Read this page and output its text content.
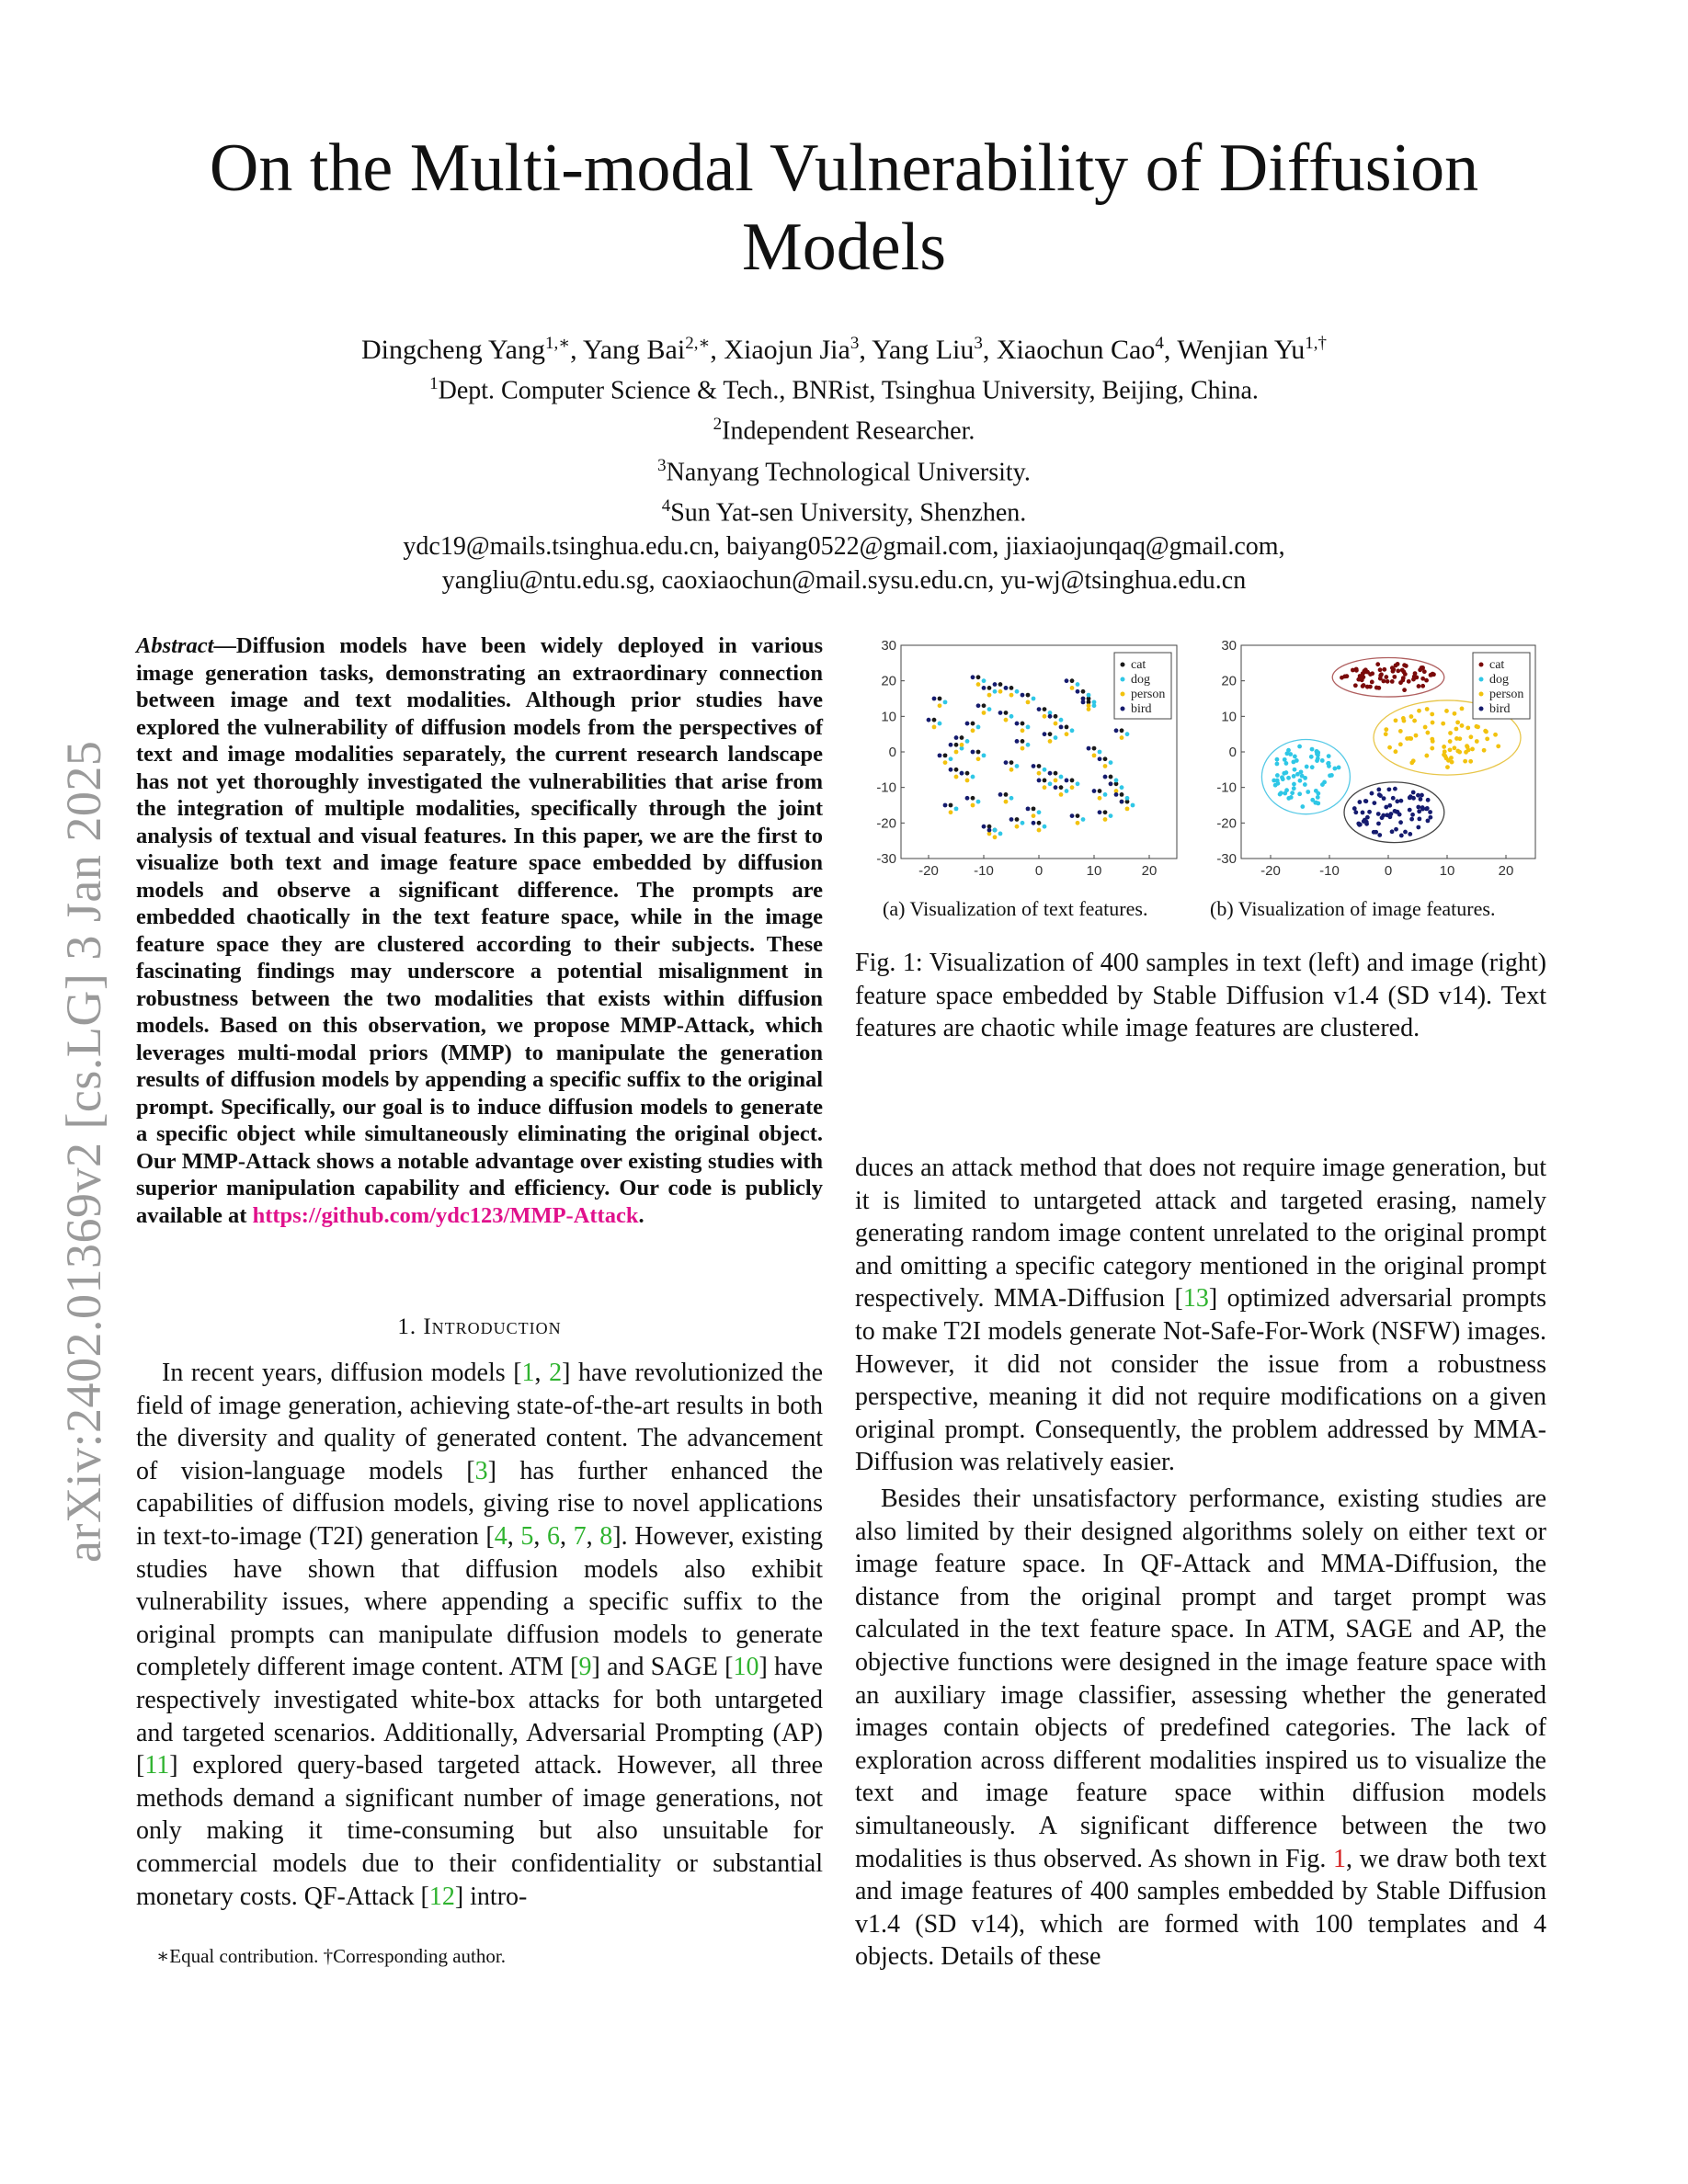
arXiv:2402.01369v2 [cs.LG] 3 Jan 2025
On the Multi-modal Vulnerability of Diffusion Models
Dingcheng Yang$^{1,∗}$, Yang Bai$^{2,∗}$, Xiaojun Jia$^3$, Yang Liu$^3$, Xiaochun Cao$^4$, Wenjian $Yu^{1,\dagger}$
$^1$Dept. Computer Science & Tech., BNRist, Tsinghua University, Beijing, China.
$^2$Independent Researcher.
$^3$Nanyang Technological University.
$^4$Sun Yat-sen University, Shenzhen.
ydc19@mails.tsinghua.edu.cn, baiyang0522@gmail.com, jiaxiaojunqaq@gmail.com,
yangliu@ntu.edu.sg, caoxiaochun@mail.sysu.edu.cn, yu-wj@tsinghua.edu.cn
Abstract—Diffusion models have been widely deployed in various image generation tasks, demonstrating an extraordinary connection between image and text modalities. Although prior studies have explored the vulnerability of diffusion models from the perspectives of text and image modalities separately, the current research landscape has not yet thoroughly investigated the vulnerabilities that arise from the integration of multiple modalities, specifically through the joint analysis of textual and visual features. In this paper, we are the first to visualize both text and image feature space embedded by diffusion models and observe a significant difference. The prompts are embedded chaotically in the text feature space, while in the image feature space they are clustered according to their subjects. These fascinating findings may underscore a potential misalignment in robustness between the two modalities that exists within diffusion models. Based on this observation, we propose MMP-Attack, which leverages multi-modal priors (MMP) to manipulate the generation results of diffusion models by appending a specific suffix to the original prompt. Specifically, our goal is to induce diffusion models to generate a specific object while simultaneously eliminating the original object. Our MMP-Attack shows a notable advantage over existing studies with superior manipulation capability and efficiency. Our code is publicly available at https://github.com/ydc123/MMP-Attack.
1. Introduction
In recent years, diffusion models [1, 2] have revolutionized the field of image generation, achieving state-of-the-art results in both the diversity and quality of generated content. The advancement of vision-language models [3] has further enhanced the capabilities of diffusion models, giving rise to novel applications in text-to-image (T2I) generation [4, 5, 6, 7, 8]. However, existing studies have shown that diffusion models also exhibit vulnerability issues, where appending a specific suffix to the original prompts can manipulate diffusion models to generate completely different image content. ATM [9] and SAGE [10] have respectively investigated white-box attacks for both untargeted and targeted scenarios. Additionally, Adversarial Prompting (AP) [11] explored query-based targeted attack. However, all three methods demand a significant number of image generations, not only making it time-consuming but also unsuitable for commercial models due to their confidentiality or substantial monetary costs. QF-Attack [12] intro-
∗Equal contribution. †Corresponding author.
-20	-10	0	10	20
-30
-20
-10
0
10
20
30
cat
dog
person
bird
-20	-10	0	10	20
-30
-20
-10
0
10
20
30
cat
dog
person
bird
(a) Visualization of text features.	(b) Visualization of image features.
Fig. 1: Visualization of 400 samples in text (left) and image (right) feature space embedded by Stable Diffusion v1.4 (SD v14). Text features are chaotic while image features are clustered.
duces an attack method that does not require image generation, but it is limited to untargeted attack and targeted erasing, namely generating random image content unrelated to the original prompt and omitting a specific category mentioned in the original prompt respectively. MMA-Diffusion [13] optimized adversarial prompts to make T2I models generate Not-Safe-For-Work (NSFW) images. However, it did not consider the issue from a robustness perspective, meaning it did not require modifications on a given original prompt. Consequently, the problem addressed by MMA-Diffusion was relatively easier.
Besides their unsatisfactory performance, existing studies are also limited by their designed algorithms solely on either text or image feature space. In QF-Attack and MMA-Diffusion, the distance from the original prompt and target prompt was calculated in the text feature space. In ATM, SAGE and AP, the objective functions were designed in the image feature space with an auxiliary image classifier, assessing whether the generated images contain objects of predefined categories. The lack of exploration across different modalities inspired us to visualize the text and image feature space within diffusion models simultaneously. A significant difference between the two modalities is thus observed. As shown in Fig. 1, we draw both text and image features of 400 samples embedded by Stable Diffusion v1.4 (SD v14), which are formed with 100 templates and 4 objects. Details of these
